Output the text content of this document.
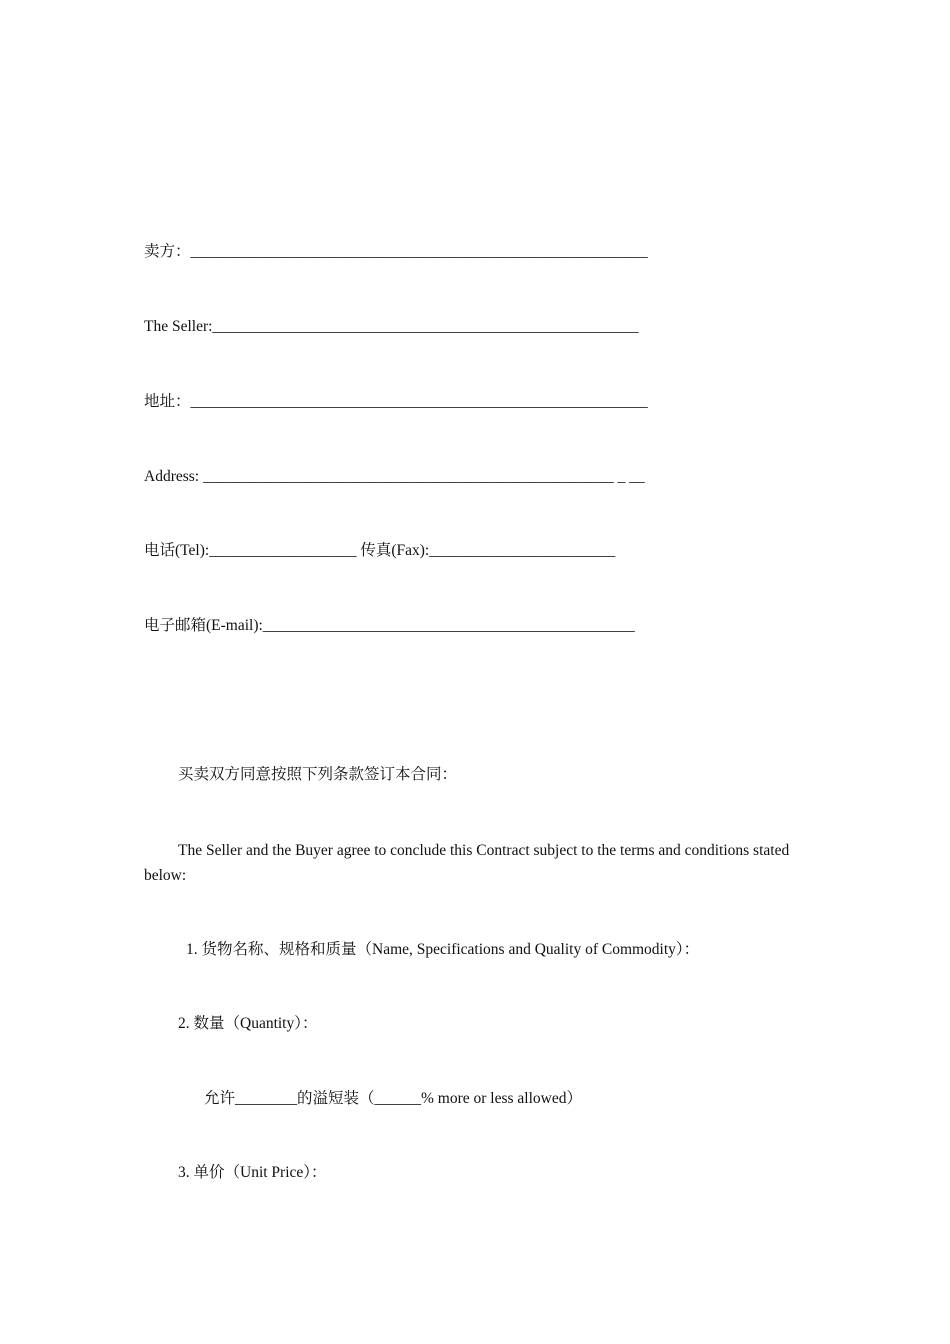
卖方：___________________________________________________________
The Seller:_______________________________________________________
地址：___________________________________________________________
Address: _____________________________________________________ _ __
电话(Tel):___________________ 传真(Fax):________________________
电子邮箱(E-mail):________________________________________________
买卖双方同意按照下列条款签订本合同：
The Seller and the Buyer agree to conclude this Contract subject to the terms and conditions stated below:
1. 货物名称、规格和质量（Name, Specifications and Quality of Commodity）：
2. 数量（Quantity）：
允许________的溢短装（______% more or less allowed）
3. 单价（Unit Price）：
